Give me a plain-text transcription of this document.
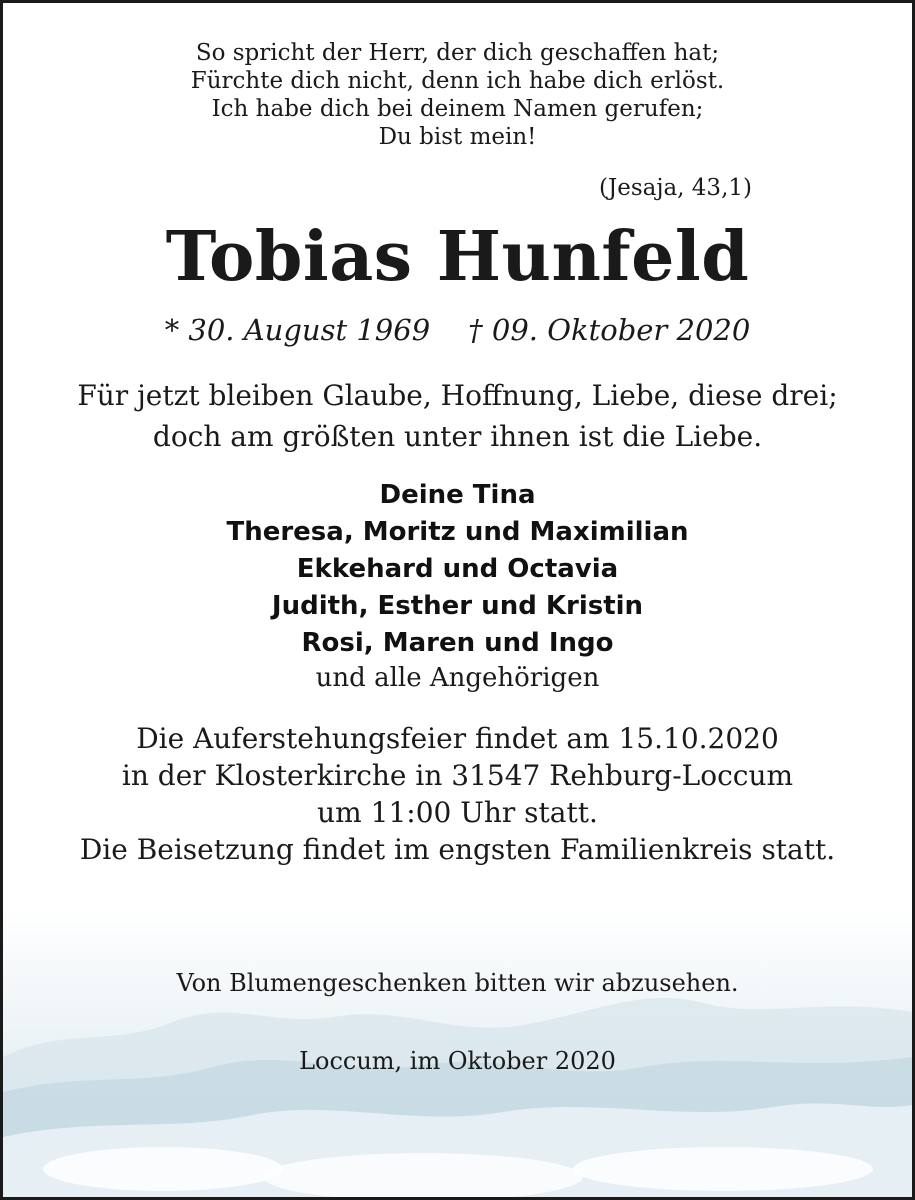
So spricht der Herr, der dich geschaffen hat;
Fürchte dich nicht, denn ich habe dich erlöst.
Ich habe dich bei deinem Namen gerufen;
Du bist mein!
(Jesaja, 43,1)
Tobias Hunfeld
* 30. August 1969 † 09. Oktober 2020
Für jetzt bleiben Glaube, Hoffnung, Liebe, diese drei;
doch am größten unter ihnen ist die Liebe.
Deine Tina
Theresa, Moritz und Maximilian
Ekkehard und Octavia
Judith, Esther und Kristin
Rosi, Maren und Ingo
und alle Angehörigen
Die Auferstehungsfeier findet am 15.10.2020
in der Klosterkirche in 31547 Rehburg-Loccum
um 11:00 Uhr statt.
Die Beisetzung findet im engsten Familienkreis statt.
Von Blumengeschenken bitten wir abzusehen.
Loccum, im Oktober 2020
